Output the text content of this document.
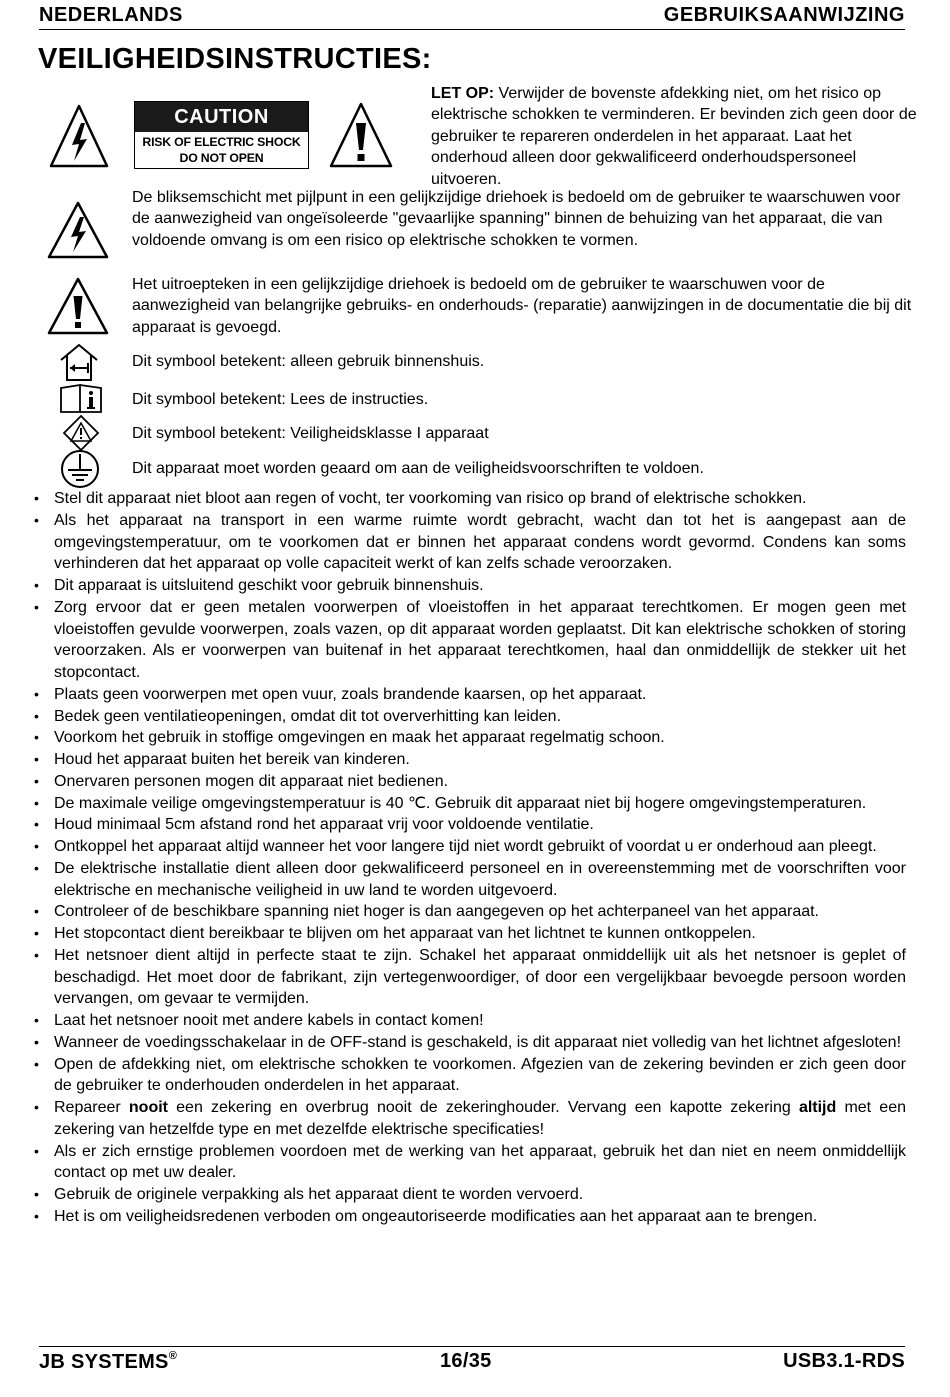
NEDERLANDS	GEBRUIKSAANWIJZING
VEILIGHEIDSINSTRUCTIES:
CAUTION
RISK OF ELECTRIC SHOCK
DO NOT OPEN
LET OP: Verwijder de bovenste afdekking niet, om het risico op elektrische schokken te verminderen. Er bevinden zich geen door de gebruiker te repareren onderdelen in het apparaat. Laat het onderhoud alleen door gekwalificeerd onderhoudspersoneel uitvoeren.
De bliksemschicht met pijlpunt in een gelijkzijdige driehoek is bedoeld om de gebruiker te waarschuwen voor de aanwezigheid van ongeïsoleerde "gevaarlijke spanning" binnen de behuizing van het apparaat, die van voldoende omvang is om een risico op elektrische schokken te vormen.
Het uitroepteken in een gelijkzijdige driehoek is bedoeld om de gebruiker te waarschuwen voor de aanwezigheid van belangrijke gebruiks- en onderhouds- (reparatie) aanwijzingen in de documentatie die bij dit apparaat is gevoegd.
Dit symbool betekent: alleen gebruik binnenshuis.
Dit symbool betekent: Lees de instructies.
Dit symbool betekent: Veiligheidsklasse I apparaat
Dit apparaat moet worden geaard om aan de veiligheidsvoorschriften te voldoen.
•
Stel dit apparaat niet bloot aan regen of vocht, ter voorkoming van risico op brand of elektrische schokken.
•
Als het apparaat na transport in een warme ruimte wordt gebracht, wacht dan tot het is aangepast aan de omgevingstemperatuur, om te voorkomen dat er binnen het apparaat condens wordt gevormd. Condens kan soms verhinderen dat het apparaat op volle capaciteit werkt of kan zelfs schade veroorzaken.
•
Dit apparaat is uitsluitend geschikt voor gebruik binnenshuis.
•
Zorg ervoor dat er geen metalen voorwerpen of vloeistoffen in het apparaat terechtkomen. Er mogen geen met vloeistoffen gevulde voorwerpen, zoals vazen, op dit apparaat worden geplaatst. Dit kan elektrische schokken of storing veroorzaken. Als er voorwerpen van buitenaf in het apparaat terechtkomen, haal dan onmiddellijk de stekker uit het stopcontact.
•
Plaats geen voorwerpen met open vuur, zoals brandende kaarsen, op het apparaat.
•
Bedek geen ventilatieopeningen, omdat dit tot oververhitting kan leiden.
•
Voorkom het gebruik in stoffige omgevingen en maak het apparaat regelmatig schoon.
•
Houd het apparaat buiten het bereik van kinderen.
•
Onervaren personen mogen dit apparaat niet bedienen.
•
De maximale veilige omgevingstemperatuur is 40 ℃. Gebruik dit apparaat niet bij hogere omgevingstemperaturen.
•
Houd minimaal 5cm afstand rond het apparaat vrij voor voldoende ventilatie.
•
Ontkoppel het apparaat altijd wanneer het voor langere tijd niet wordt gebruikt of voordat u er onderhoud aan pleegt.
•
De elektrische installatie dient alleen door gekwalificeerd personeel en in overeenstemming met de voorschriften voor elektrische en mechanische veiligheid in uw land te worden uitgevoerd.
•
Controleer of de beschikbare spanning niet hoger is dan aangegeven op het achterpaneel van het apparaat.
•
Het stopcontact dient bereikbaar te blijven om het apparaat van het lichtnet te kunnen ontkoppelen.
•
Het netsnoer dient altijd in perfecte staat te zijn. Schakel het apparaat onmiddellijk uit als het netsnoer is geplet of beschadigd. Het moet door de fabrikant, zijn vertegenwoordiger, of door een vergelijkbaar bevoegde persoon worden vervangen, om gevaar te vermijden.
•
Laat het netsnoer nooit met andere kabels in contact komen!
•
Wanneer de voedingsschakelaar in de OFF-stand is geschakeld, is dit apparaat niet volledig van het lichtnet afgesloten!
•
Open de afdekking niet, om elektrische schokken te voorkomen. Afgezien van de zekering bevinden er zich geen door de gebruiker te onderhouden onderdelen in het apparaat.
•
Repareer nooit een zekering en overbrug nooit de zekeringhouder. Vervang een kapotte zekering altijd met een zekering van hetzelfde type en met dezelfde elektrische specificaties!
•
Als er zich ernstige problemen voordoen met de werking van het apparaat, gebruik het dan niet en neem onmiddellijk contact op met uw dealer.
•
Gebruik de originele verpakking als het apparaat dient te worden vervoerd.
•
Het is om veiligheidsredenen verboden om ongeautoriseerde modificaties aan het apparaat aan te brengen.
JB SYSTEMS®	16/35	USB3.1-RDS
